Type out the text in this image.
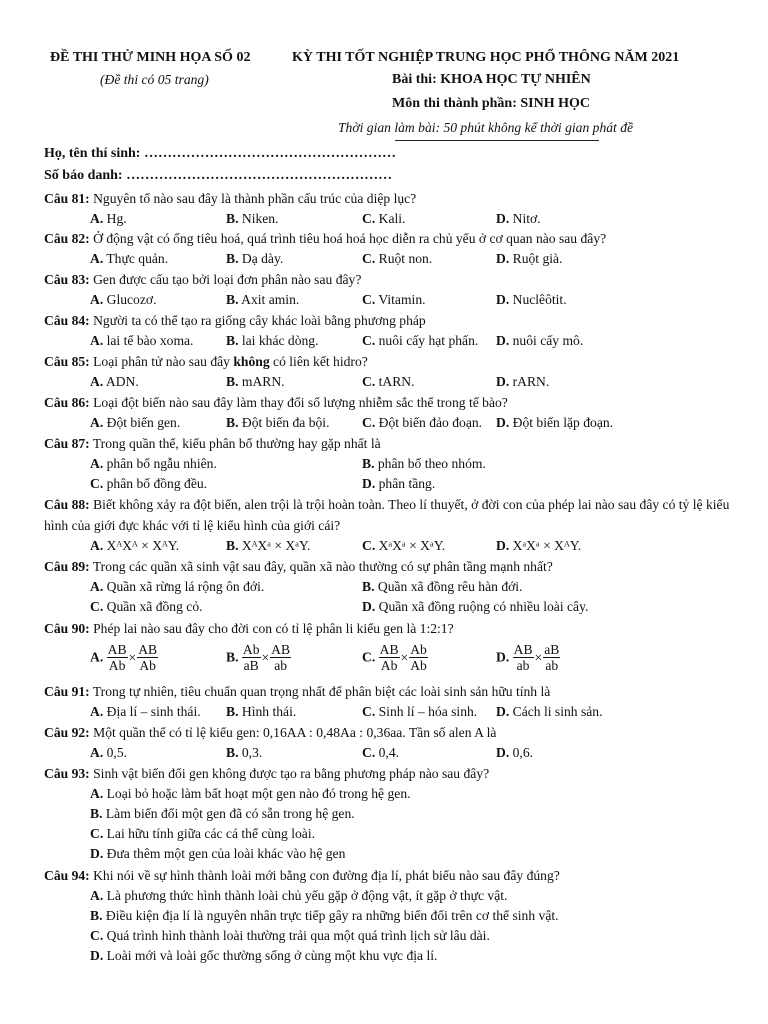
ĐỀ THI THỬ MINH HỌA SỐ 02
(Đề thi có 05 trang)
KỲ THI TỐT NGHIỆP TRUNG HỌC PHỔ THÔNG NĂM 2021
Bài thi: KHOA HỌC TỰ NHIÊN
Môn thi thành phần: SINH HỌC
Thời gian làm bài: 50 phút không kể thời gian phát đề
Họ, tên thí sinh: ………………………………………………
Số báo danh: …………………………………………………
Câu 81: Nguyên tố nào sau đây là thành phần cấu trúc của diệp lục?
A. Hg.	B. Niken.	C. Kali.	D. Nitơ.
Câu 82: Ở động vật có ống tiêu hoá, quá trình tiêu hoá hoá học diễn ra chủ yếu ở cơ quan nào sau đây?
A. Thực quản.	B. Dạ dày.	C. Ruột non.	D. Ruột già.
Câu 83: Gen được cấu tạo bởi loại đơn phân nào sau đây?
A. Glucozơ.	B. Axit amin.	C. Vitamin.	D. Nuclêôtit.
Câu 84: Người ta có thể tạo ra giống cây khác loài bằng phương pháp
A. lai tế bào xoma. B. lai khác dòng.	C. nuôi cấy hạt phấn. D. nuôi cấy mô.
Câu 85: Loại phân tử nào sau đây không có liên kết hidro?
A. ADN.	B. mARN.	C. tARN.	D. rARN.
Câu 86: Loại đột biến nào sau đây làm thay đổi số lượng nhiễm sắc thể trong tế bào?
A. Đột biến gen.	B. Đột biến đa bội. C. Đột biến đảo đoạn. D. Đột biến lặp đoạn.
Câu 87: Trong quần thể, kiểu phân bố thường hay gặp nhất là
A. phân bố ngẫu nhiên.	B. phân bố theo nhóm.
C. phân bố đồng đều.	D. phân tầng.
Câu 88: Biết không xảy ra đột biến, alen trội là trội hoàn toàn. Theo lí thuyết, ở đời con của phép lai nào sau đây có tỷ lệ kiểu hình của giới đực khác với tỉ lệ kiểu hình của giới cái?
A. XᴬXᴬ × XᴬY.	B. XᴬXᵃ × XᵃY.	C. XᵃXᵃ × XᵃY.	D. XᵃXᵃ × XᴬY.
Câu 89: Trong các quần xã sinh vật sau đây, quần xã nào thường có sự phân tầng mạnh nhất?
A. Quần xã rừng lá rộng ôn đới.	B. Quần xã đồng rêu hàn đới.
C. Quần xã đồng cỏ.	D. Quần xã đồng ruộng có nhiều loài cây.
Câu 90: Phép lai nào sau đây cho đời con có tỉ lệ phân li kiểu gen là 1:2:1?
A. $\frac{AB}{Ab} \times \frac{AB}{Ab}$	B. $\frac{Ab}{aB} \times \frac{AB}{ab}$	C. $\frac{AB}{Ab} \times \frac{Ab}{Ab}$	D. $\frac{AB}{ab} \times \frac{aB}{ab}$
Câu 91: Trong tự nhiên, tiêu chuẩn quan trọng nhất để phân biệt các loài sinh sản hữu tính là
A. Địa lí – sinh thái. B. Hình thái.	C. Sinh lí – hóa sinh. D. Cách li sinh sản.
Câu 92: Một quần thể có tỉ lệ kiểu gen: 0,16AA : 0,48Aa : 0,36aa. Tần số alen A là
A. 0,5.	B. 0,3.	C. 0,4.	D. 0,6.
Câu 93: Sinh vật biến đổi gen không được tạo ra bằng phương pháp nào sau đây?
A. Loại bỏ hoặc làm bất hoạt một gen nào đó trong hệ gen.
B. Làm biến đổi một gen đã có sẵn trong hệ gen.
C. Lai hữu tính giữa các cá thể cùng loài.
D. Đưa thêm một gen của loài khác vào hệ gen
Câu 94: Khi nói về sự hình thành loài mới bằng con đường địa lí, phát biểu nào sau đây đúng?
A. Là phương thức hình thành loài chủ yếu gặp ở động vật, ít gặp ở thực vật.
B. Điều kiện địa lí là nguyên nhân trực tiếp gây ra những biến đổi trên cơ thể sinh vật.
C. Quá trình hình thành loài thường trải qua một quá trình lịch sử lâu dài.
D. Loài mới và loài gốc thường sống ở cùng một khu vực địa lí.
